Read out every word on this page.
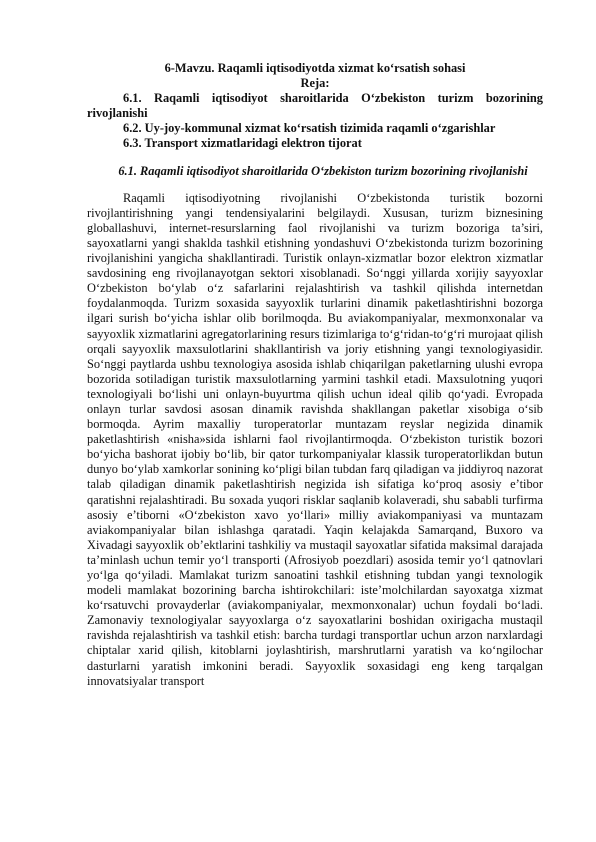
6-Mavzu. Raqamli iqtisodiyotda xizmat ko‘rsatish sohasi

Reja:

6.1. Raqamli iqtisodiyot sharoitlarida O‘zbekiston turizm bozorining rivojlanishi

6.2. Uy-joy-kommunal xizmat ko‘rsatish tizimida raqamli o‘zgarishlar

6.3. Transport xizmatlaridagi elektron tijorat

6.1. Raqamli iqtisodiyot sharoitlarida O‘zbekiston turizm bozorining rivojlanishi

Raqamli iqtisodiyotning rivojlanishi O‘zbekistonda turistik bozorni rivojlantirishning yangi tendensiyalarini belgilaydi. Xususan, turizm biznesining globallashuvi, internet-resurslarning faol rivojlanishi va turizm bozoriga ta’siri, sayoxatlarni yangi shaklda tashkil etishning yondashuvi O‘zbekistonda turizm bozorining rivojlanishini yangicha shakllantiradi. Turistik onlayn-xizmatlar bozor elektron xizmatlar savdosining eng rivojlanayotgan sektori xisoblanadi. So‘nggi yillarda xorijiy sayyoxlar O‘zbekiston bo‘ylab o‘z safarlarini rejalashtirish va tashkil qilishda internetdan foydalanmoqda. Turizm soxasida sayyoxlik turlarini dinamik paketlashtirishni bozorga ilgari surish bo‘yicha ishlar olib borilmoqda. Bu aviakompaniyalar, mexmonxonalar va sayyoxlik xizmatlarini agregatorlarining resurs tizimlariga to‘g‘ridan-to‘g‘ri murojaat qilish orqali sayyoxlik maxsulotlarini shakllantirish va joriy etishning yangi texnologiyasidir. So‘nggi paytlarda ushbu texnologiya asosida ishlab chiqarilgan paketlarning ulushi evropa bozorida sotiladigan turistik maxsulotlarning yarmini tashkil etadi. Maxsulotning yuqori texnologiyali bo‘lishi uni onlayn-buyurtma qilish uchun ideal qilib qo‘yadi. Evropada onlayn turlar savdosi asosan dinamik ravishda shakllangan paketlar xisobiga o‘sib bormoqda. Ayrim maxalliy turoperatorlar muntazam reyslar negizida dinamik paketlashtirish «nisha»sida ishlarni faol rivojlantirmoqda. O‘zbekiston turistik bozori bo‘yicha bashorat ijobiy bo‘lib, bir qator turkompaniyalar klassik turoperatorlikdan butun dunyo bo‘ylab xamkorlar sonining ko‘pligi bilan tubdan farq qiladigan va jiddiyroq nazorat talab qiladigan dinamik paketlashtirish negizida ish sifatiga ko‘proq asosiy e’tibor qaratishni rejalashtiradi. Bu soxada yuqori risklar saqlanib kolaveradi, shu sababli turfirma asosiy e’tiborni «O‘zbekiston xavo yo‘llari» milliy aviakompaniyasi va muntazam aviakompaniyalar bilan ishlashga qaratadi. Yaqin kelajakda Samarqand, Buxoro va Xivadagi sayyoxlik ob’ektlarini tashkiliy va mustaqil sayoxatlar sifatida maksimal darajada ta’minlash uchun temir yo‘l transporti (Afrosiyob poezdlari) asosida temir yo‘l qatnovlari yo‘lga qo‘yiladi. Mamlakat turizm sanoatini tashkil etishning tubdan yangi texnologik modeli mamlakat bozorining barcha ishtirokchilari: iste’molchilardan sayoxatga xizmat ko‘rsatuvchi provayderlar (aviakompaniyalar, mexmonxonalar) uchun foydali bo‘ladi. Zamonaviy texnologiyalar sayyoxlarga o‘z sayoxatlarini boshidan oxirigacha mustaqil ravishda rejalashtirish va tashkil etish: barcha turdagi transportlar uchun arzon narxlardagi chiptalar xarid qilish, kitoblarni joylashtirish, marshrutlarni yaratish va ko‘ngilochar dasturlarni yaratish imkonini beradi. Sayyoxlik soxasidagi eng keng tarqalgan innovatsiyalar transport
